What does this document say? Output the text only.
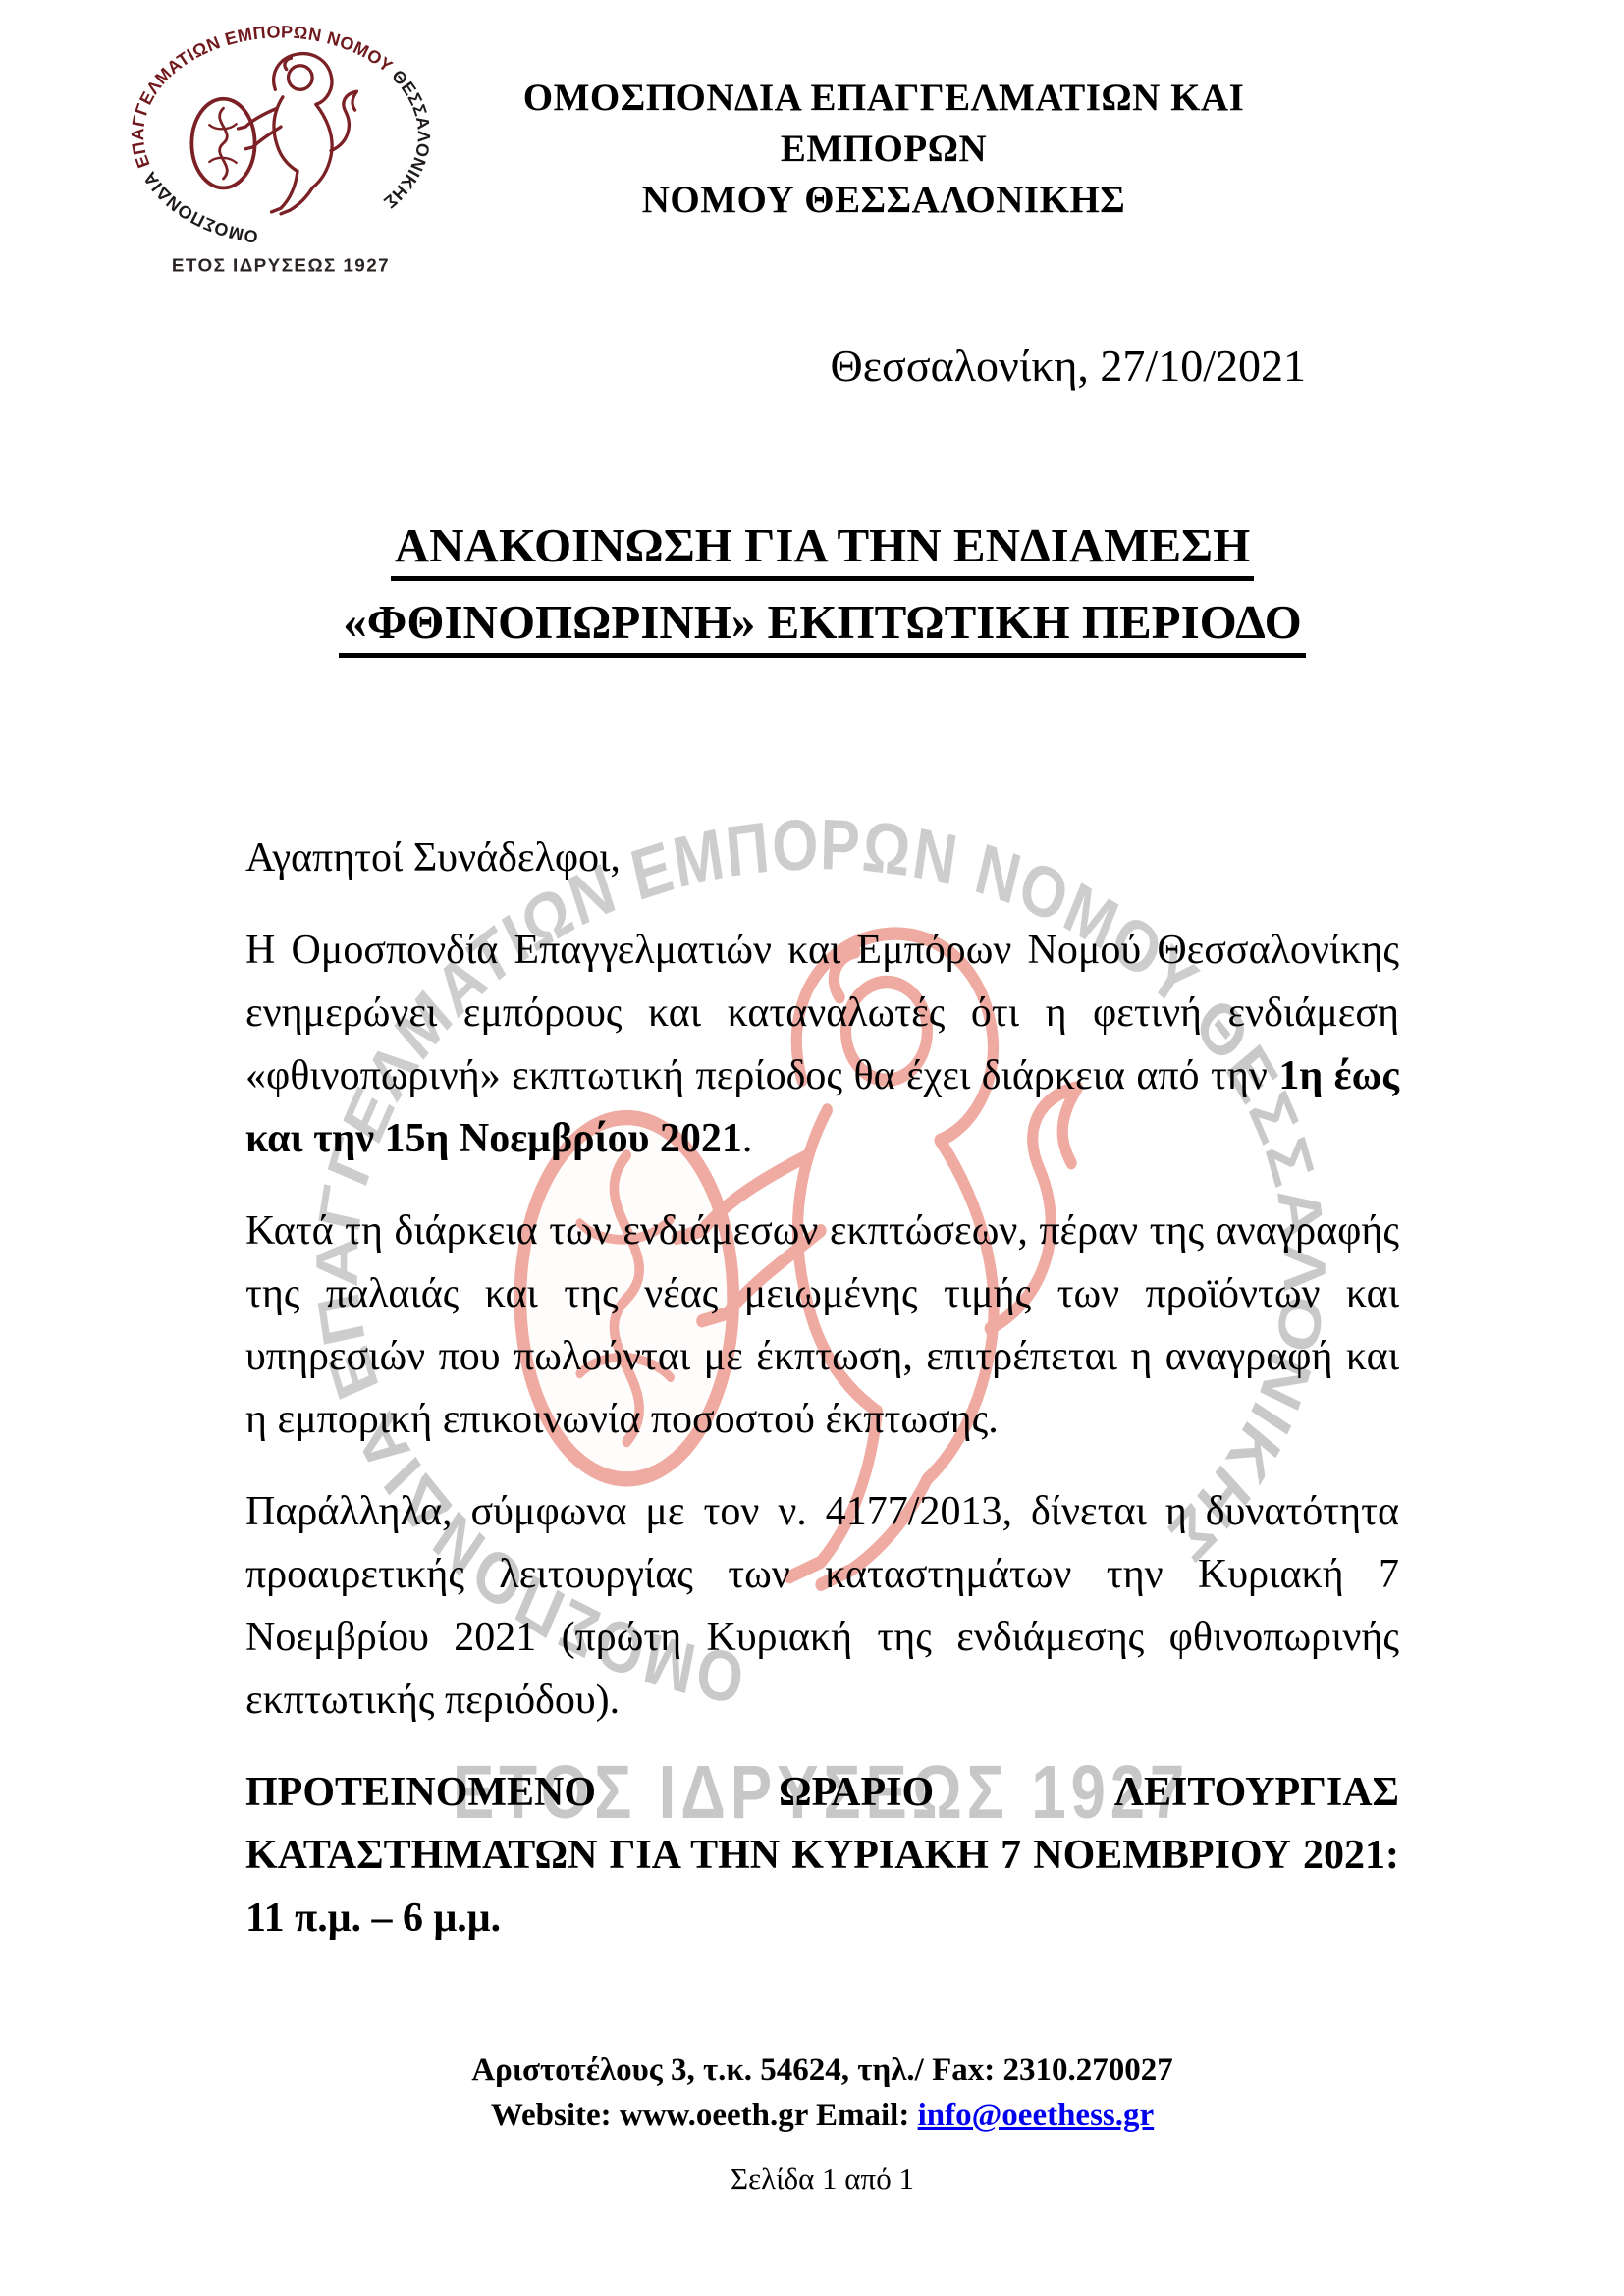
ΟΜΟΣΠΟΝΔΙΑ ΕΠΑΓΓΕΛΜΑΤΙΩΝ ΚΑΙ ΕΜΠΟΡΩΝ
ΝΟΜΟΥ ΘΕΣΣΑΛΟΝΙΚΗΣ
Θεσσαλονίκη, 27/10/2021
ΑΝΑΚΟΙΝΩΣΗ ΓΙΑ ΤΗΝ ΕΝΔΙΑΜΕΣΗ
«ΦΘΙΝΟΠΩΡΙΝΗ» ΕΚΠΤΩΤΙΚΗ ΠΕΡΙΟΔΟ

Αγαπητοί Συνάδελφοι,

Η Ομοσπονδία Επαγγελματιών και Εμπόρων Νομού Θεσσαλονίκης ενημερώνει εμπόρους και καταναλωτές ότι η φετινή ενδιάμεση «φθινοπωρινή» εκπτωτική περίοδος θα έχει διάρκεια από την 1η έως και την 15η Νοεμβρίου 2021.

Κατά τη διάρκεια των ενδιάμεσων εκπτώσεων, πέραν της αναγραφής της παλαιάς και της νέας μειωμένης τιμής των προϊόντων και υπηρεσιών που πωλούνται με έκπτωση, επιτρέπεται η αναγραφή και η εμπορική επικοινωνία ποσοστού έκπτωσης.

Παράλληλα, σύμφωνα με τον ν. 4177/2013, δίνεται η δυνατότητα προαιρετικής λειτουργίας των καταστημάτων την Κυριακή 7 Νοεμβρίου 2021 (πρώτη Κυριακή της ενδιάμεσης φθινοπωρινής εκπτωτικής περιόδου).

ΠΡΟΤΕΙΝΟΜΕΝΟ ΩΡΑΡΙΟ ΛΕΙΤΟΥΡΓΙΑΣ ΚΑΤΑΣΤΗΜΑΤΩΝ ΓΙΑ ΤΗΝ ΚΥΡΙΑΚΗ 7 ΝΟΕΜΒΡΙΟΥ 2021: 11 π.μ. – 6 μ.μ.

Αριστοτέλους 3, τ.κ. 54624, τηλ./ Fax: 2310.270027
Website: www.oeeth.gr Email: info@oeethess.gr
Σελίδα 1 από 1
